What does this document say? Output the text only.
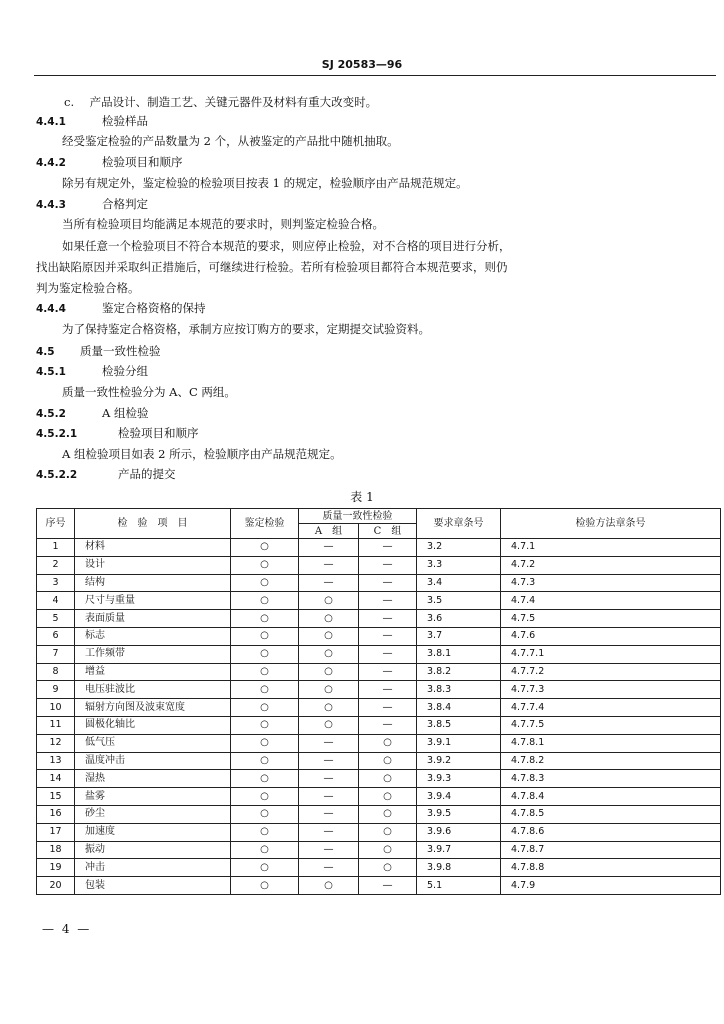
SJ 20583—96
c. 产品设计、制造工艺、关键元器件及材料有重大改变时。
4.4.1	检验样品
经受鉴定检验的产品数量为 2 个，从被鉴定的产品批中随机抽取。
4.4.2	检验项目和顺序
除另有规定外，鉴定检验的检验项目按表 1 的规定，检验顺序由产品规范规定。
4.4.3	合格判定
当所有检验项目均能满足本规范的要求时，则判鉴定检验合格。
如果任意一个检验项目不符合本规范的要求，则应停止检验，对不合格的项目进行分析，
找出缺陷原因并采取纠正措施后，可继续进行检验。若所有检验项目都符合本规范要求，则仍
判为鉴定检验合格。
4.4.4	鉴定合格资格的保持
为了保持鉴定合格资格，承制方应按订购方的要求，定期提交试验资料。
4.5 质量一致性检验
4.5.1	检验分组
质量一致性检验分为 A、C 两组。
4.5.2	A 组检验
4.5.2.1	检验项目和顺序
A 组检验项目如表 2 所示，检验顺序由产品规范规定。
4.5.2.2	产品的提交
表 1
序号	检　验　项　目	鉴定检验	质量一致性检验		要求章条号	检验方法章条号
			A　组	C　组		
1	材料	○	—	—	3.2	4.7.1
2	设计	○	—	—	3.3	4.7.2
3	结构	○	—	—	3.4	4.7.3
4	尺寸与重量	○	○	—	3.5	4.7.4
5	表面质量	○	○	—	3.6	4.7.5
6	标志	○	○	—	3.7	4.7.6
7	工作频带	○	○	—	3.8.1	4.7.7.1
8	增益	○	○	—	3.8.2	4.7.7.2
9	电压驻波比	○	○	—	3.8.3	4.7.7.3
10	辐射方向图及波束宽度	○	○	—	3.8.4	4.7.7.4
11	圆极化轴比	○	○	—	3.8.5	4.7.7.5
12	低气压	○	—	○	3.9.1	4.7.8.1
13	温度冲击	○	—	○	3.9.2	4.7.8.2
14	湿热	○	—	○	3.9.3	4.7.8.3
15	盐雾	○	—	○	3.9.4	4.7.8.4
16	砂尘	○	—	○	3.9.5	4.7.8.5
17	加速度	○	—	○	3.9.6	4.7.8.6
18	振动	○	—	○	3.9.7	4.7.8.7
19	冲击	○	—	○	3.9.8	4.7.8.8
20	包装	○	○	—	5.1	4.7.9
— 4 —
